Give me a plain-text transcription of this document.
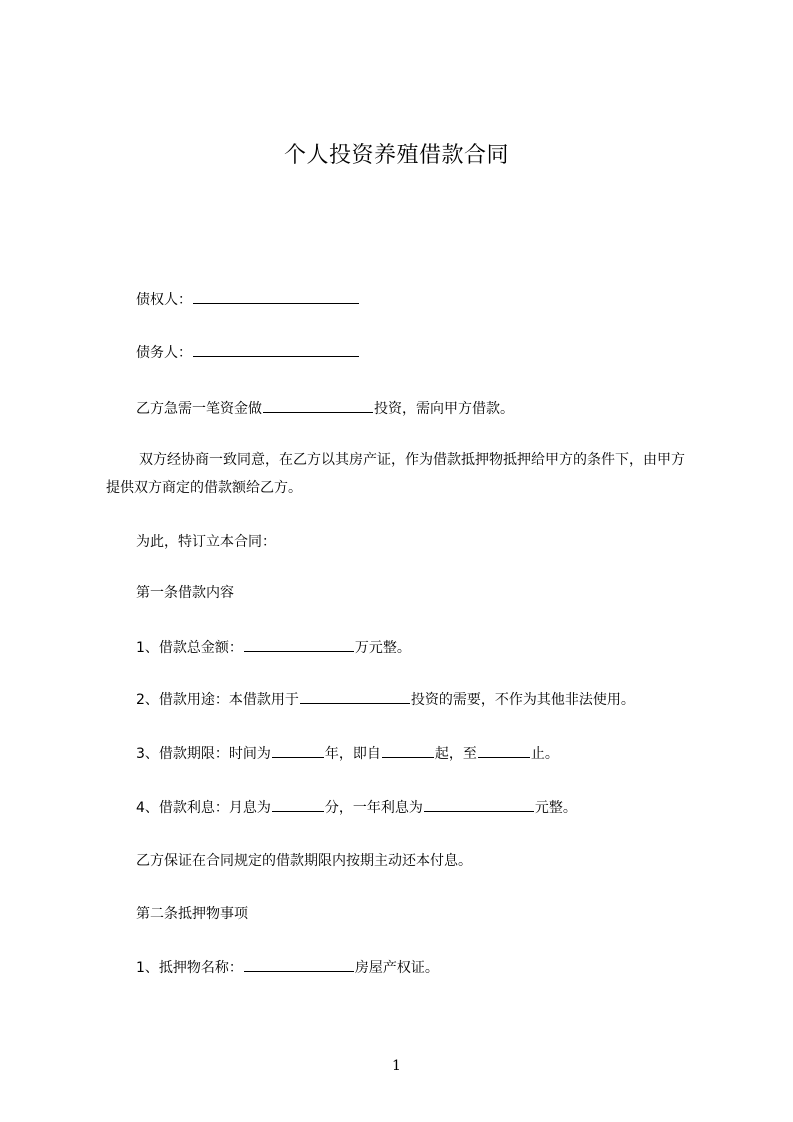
个人投资养殖借款合同

债权人：

债务人：

乙方急需一笔资金做	投资，需向甲方借款。

双方经协商一致同意，在乙方以其房产证，作为借款抵押物抵押给甲方的条件下，由甲方提供双方商定的借款额给乙方。

为此，特订立本合同：

第一条借款内容

1、借款总金额：	万元整。

2、借款用途：本借款用于	投资的需要，不作为其他非法使用。

3、借款期限：时间为	年，即自	起，至	止。

4、借款利息：月息为	分，一年利息为	元整。

乙方保证在合同规定的借款期限内按期主动还本付息。

第二条抵押物事项

1、抵押物名称：	房屋产权证。

1
